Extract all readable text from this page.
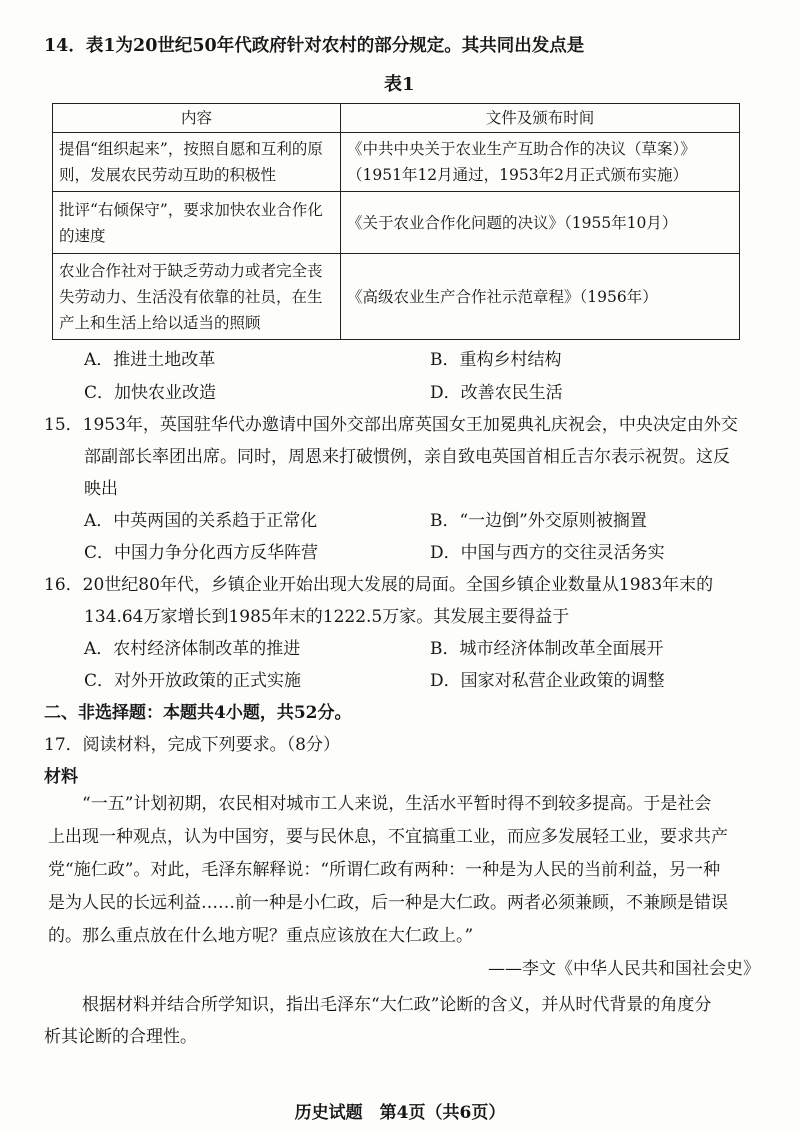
14．表1为20世纪50年代政府针对农村的部分规定。其共同出发点是
表1
内容	文件及颁布时间
提倡“组织起来”，按照自愿和互利的原则，发展农民劳动互助的积极性	《中共中央关于农业生产互助合作的决议（草案）》
（1951年12月通过，1953年2月正式颁布实施）

批评“右倾保守”，要求加快农业合作化的速度	《关于农业合作化问题的决议》（1955年10月）

农业合作社对于缺乏劳动力或者完全丧失劳动力、生活没有依靠的社员，在生产上和生活上给以适当的照顾	《高级农业生产合作社示范章程》（1956年）
A．推进土地改革	B．重构乡村结构
C．加快农业改造	D．改善农民生活
15．1953年，英国驻华代办邀请中国外交部出席英国女王加冕典礼庆祝会，中央决定由外交
部副部长率团出席。同时，周恩来打破惯例，亲自致电英国首相丘吉尔表示祝贺。这反
映出
A．中英两国的关系趋于正常化	B．“一边倒”外交原则被搁置
C．中国力争分化西方反华阵营	D．中国与西方的交往灵活务实
16．20世纪80年代，乡镇企业开始出现大发展的局面。全国乡镇企业数量从1983年末的
134.64万家增长到1985年末的1222.5万家。其发展主要得益于
A．农村经济体制改革的推进	B．城市经济体制改革全面展开
C．对外开放政策的正式实施	D．国家对私营企业政策的调整
二、非选择题：本题共4小题，共52分。
17．阅读材料，完成下列要求。（8分）
材料
“一五”计划初期，农民相对城市工人来说，生活水平暂时得不到较多提高。于是社会
上出现一种观点，认为中国穷，要与民休息，不宜搞重工业，而应多发展轻工业，要求共产
党“施仁政”。对此，毛泽东解释说：“所谓仁政有两种：一种是为人民的当前利益，另一种
是为人民的长远利益……前一种是小仁政，后一种是大仁政。两者必须兼顾，不兼顾是错误
的。那么重点放在什么地方呢？重点应该放在大仁政上。”
——李文《中华人民共和国社会史》
根据材料并结合所学知识，指出毛泽东“大仁政”论断的含义，并从时代背景的角度分
析其论断的合理性。
历史试题　第4页（共6页）
